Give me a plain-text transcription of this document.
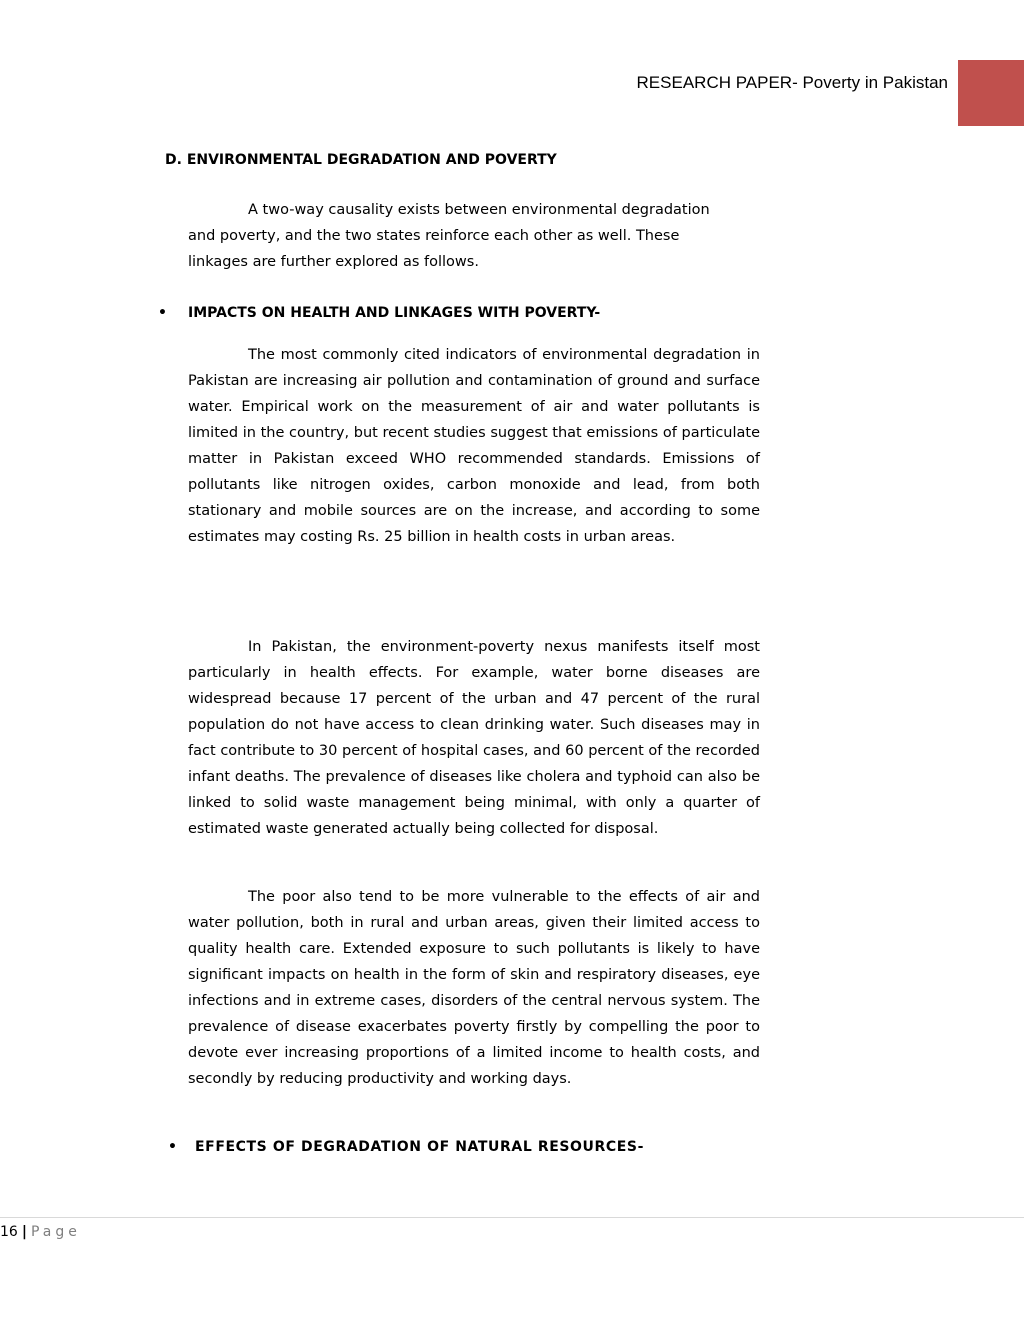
RESEARCH PAPER- Poverty in Pakistan
D. ENVIRONMENTAL DEGRADATION AND POVERTY

A two-way causality exists between environmental degradation and poverty, and the two states reinforce each other as well. These linkages are further explored as follows.

• IMPACTS ON HEALTH AND LINKAGES WITH POVERTY-

The most commonly cited indicators of environmental degradation in Pakistan are increasing air pollution and contamination of ground and surface water. Empirical work on the measurement of air and water pollutants is limited in the country, but recent studies suggest that emissions of particulate matter in Pakistan exceed WHO recommended standards. Emissions of pollutants like nitrogen oxides, carbon monoxide and lead, from both stationary and mobile sources are on the increase, and according to some estimates may costing Rs. 25 billion in health costs in urban areas.

In Pakistan, the environment-poverty nexus manifests itself most particularly in health effects. For example, water borne diseases are widespread because 17 percent of the urban and 47 percent of the rural population do not have access to clean drinking water. Such diseases may in fact contribute to 30 percent of hospital cases, and 60 percent of the recorded infant deaths. The prevalence of diseases like cholera and typhoid can also be linked to solid waste management being minimal, with only a quarter of estimated waste generated actually being collected for disposal.

The poor also tend to be more vulnerable to the effects of air and water pollution, both in rural and urban areas, given their limited access to quality health care. Extended exposure to such pollutants is likely to have significant impacts on health in the form of skin and respiratory diseases, eye infections and in extreme cases, disorders of the central nervous system. The prevalence of disease exacerbates poverty firstly by compelling the poor to devote ever increasing proportions of a limited income to health costs, and secondly by reducing productivity and working days.

• EFFECTS OF DEGRADATION OF NATURAL RESOURCES-
16 | Page
